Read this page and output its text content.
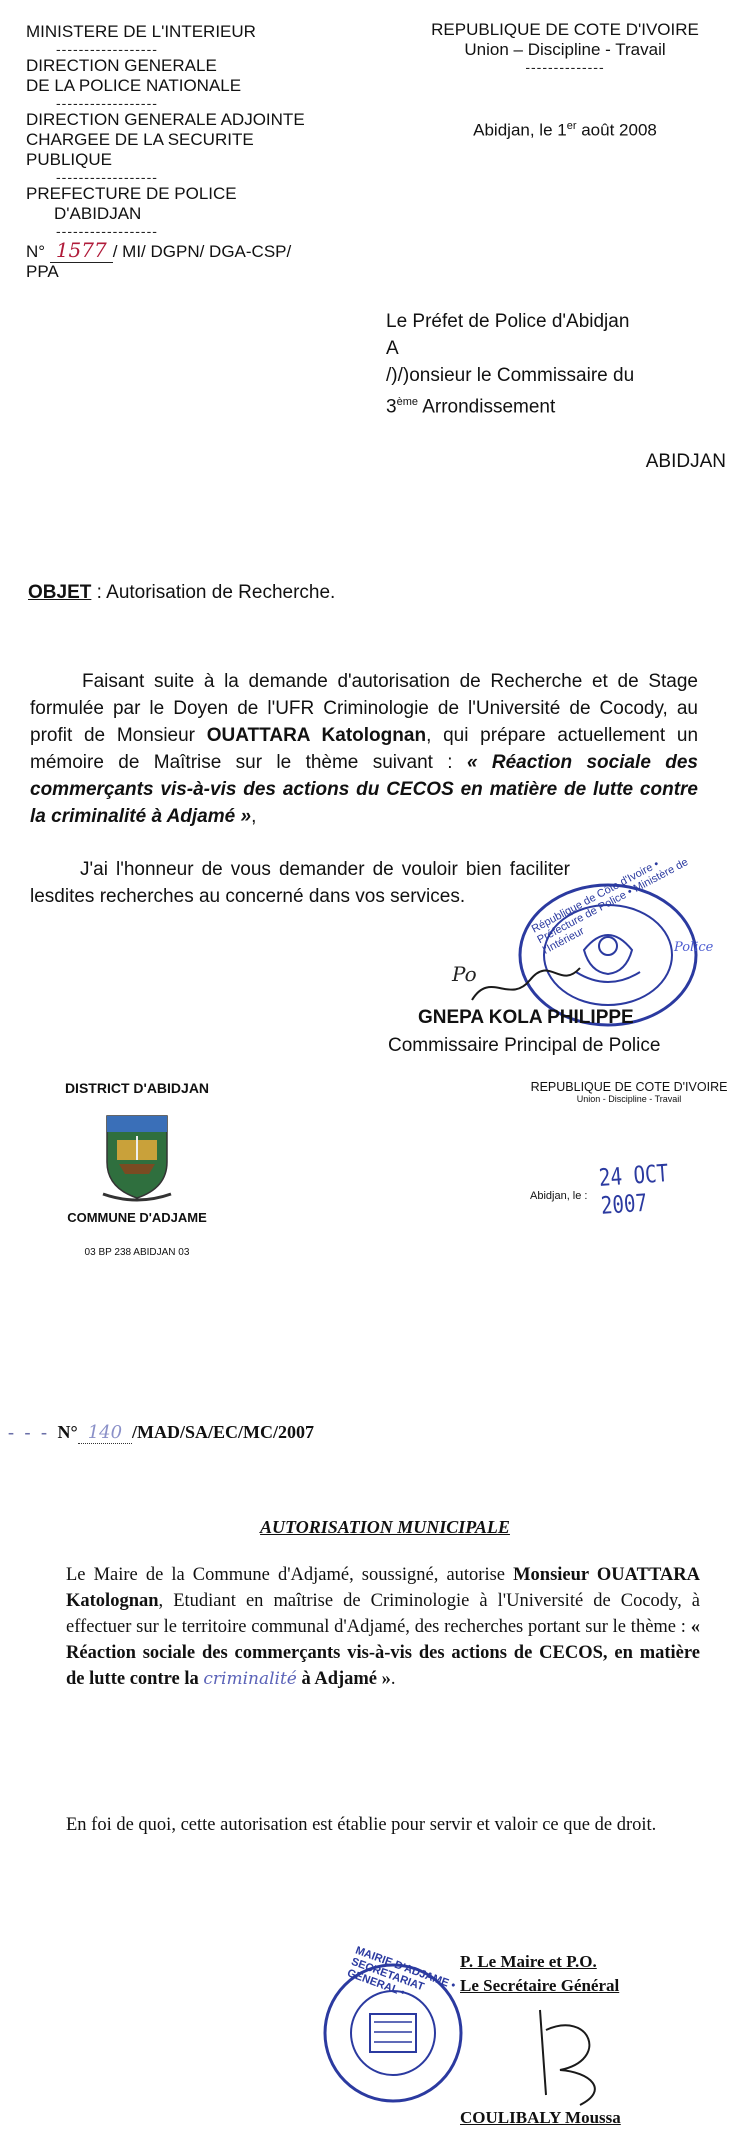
MINISTERE DE L'INTERIEUR
------------------
DIRECTION GENERALE
DE LA POLICE NATIONALE
------------------
DIRECTION GENERALE ADJOINTE
CHARGEE DE LA SECURITE PUBLIQUE
------------------
PREFECTURE DE POLICE
D'ABIDJAN
------------------
N° 1577 / MI/ DGPN/ DGA-CSP/ PPA
REPUBLIQUE DE COTE D'IVOIRE
Union – Discipline - Travail
--------------
Abidjan, le 1er août 2008
Le Préfet de Police d'Abidjan
A
/)/)onsieur le Commissaire du
3ème Arrondissement
ABIDJAN
OBJET : Autorisation de Recherche.
Faisant suite à la demande d'autorisation de Recherche et de Stage formulée par le Doyen de l'UFR Criminologie de l'Université de Cocody, au profit de Monsieur OUATTARA Katolognan, qui prépare actuellement un mémoire de Maîtrise sur le thème suivant : « Réaction sociale des commerçants vis-à-vis des actions du CECOS en matière de lutte contre la criminalité à Adjamé »,
J'ai l'honneur de vous demander de vouloir bien faciliter lesdites recherches au concerné dans vos services.	République de Côte d'Ivoire • Préfecture de Police • Ministère de l'Intérieur	Police
Po
GNEPA KOLA PHILIPPE
Commissaire Principal de Police
DISTRICT D'ABIDJAN
COMMUNE D'ADJAME
03 BP 238 ABIDJAN 03
REPUBLIQUE DE COTE D'IVOIRE
Union - Discipline - Travail
Abidjan, le :
24 OCT 2007
- - - N° 140 /MAD/SA/EC/MC/2007
AUTORISATION MUNICIPALE
Le Maire de la Commune d'Adjamé, soussigné, autorise Monsieur OUATTARA Katolognan, Etudiant en maîtrise de Criminologie à l'Université de Cocody, à effectuer sur le territoire communal d'Adjamé, des recherches portant sur le thème : « Réaction sociale des commerçants vis-à-vis des actions de CECOS, en matière de lutte contre la criminalité à Adjamé ».
En foi de quoi, cette autorisation est établie pour servir et valoir ce que de droit.
P. Le Maire et P.O.
Le Secrétaire Général
COULIBALY Moussa
MAIRIE D'ADJAME • SECRETARIAT GENERAL •
